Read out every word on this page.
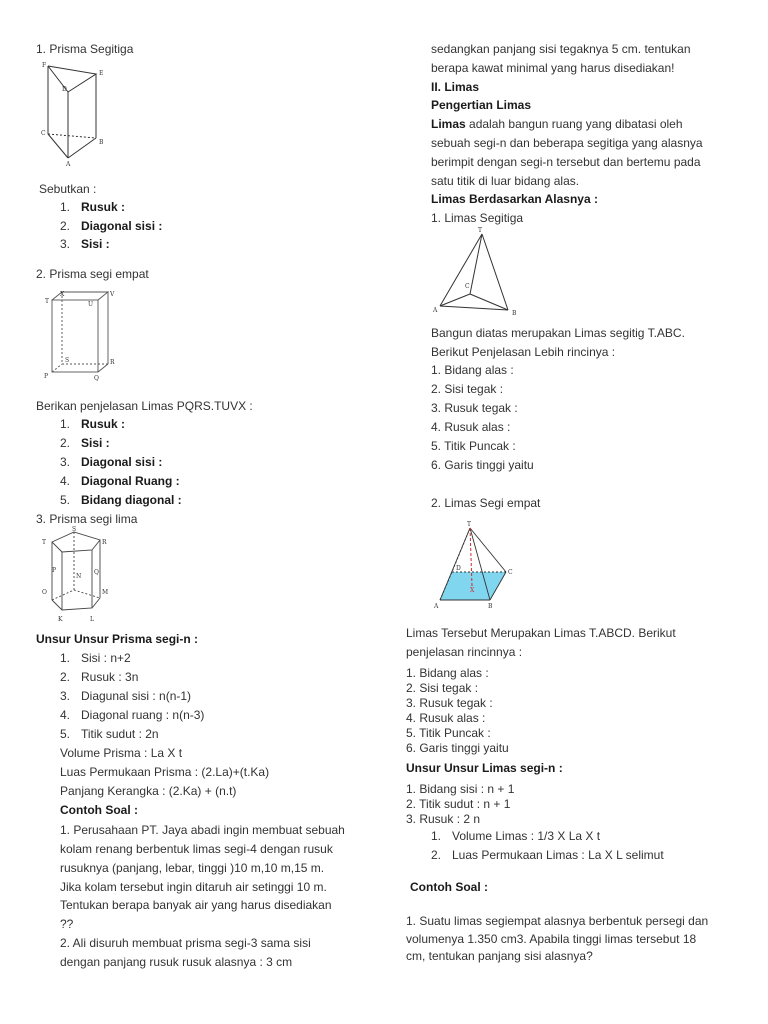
1. Prisma Segitiga
F
E
D
C
B
A
Sebutkan :
1. Rusuk :
2. Diagonal sisi :
3. Sisi :
2. Prisma segi empat
T
X
U
V
S	R
P	Q
Berikan penjelasan Limas PQRS.TUVX :
1. Rusuk :
2. Sisi :
3. Diagonal sisi :
4. Diagonal Ruang :
5. Bidang diagonal :
3. Prisma segi lima
S
T	R
P
N
Q
O	M
K	L
Unsur Unsur Prisma segi-n :
1. Sisi : n+2
2. Rusuk : 3n
3. Diagunal sisi : n(n-1)
4. Diagonal ruang : n(n-3)
5. Titik sudut : 2n
Volume Prisma : La X t
Luas Permukaan Prisma : (2.La)+(t.Ka)
Panjang Kerangka : (2.Ka) + (n.t)
Contoh Soal :
1. Perusahaan PT. Jaya abadi ingin membuat sebuah
kolam renang berbentuk limas segi-4 dengan rusuk
rusuknya (panjang, lebar, tinggi )10 m,10 m,15 m.
Jika kolam tersebut ingin ditaruh air setinggi 10 m.
Tentukan berapa banyak air yang harus disediakan
??
2. Ali disuruh membuat prisma segi-3 sama sisi
dengan panjang rusuk rusuk alasnya : 3 cm
sedangkan panjang sisi tegaknya 5 cm. tentukan
berapa kawat minimal yang harus disediakan!
II. Limas
Pengertian Limas
Limas adalah bangun ruang yang dibatasi oleh
sebuah segi-n dan beberapa segitiga yang alasnya
berimpit dengan segi-n tersebut dan bertemu pada
satu titik di luar bidang alas.
Limas Berdasarkan Alasnya :
1. Limas Segitiga
T
C
A	B
Bangun diatas merupakan Limas segitig T.ABC.
Berikut Penjelasan Lebih rincinya :
1. Bidang alas :
2. Sisi tegak :
3. Rusuk tegak :
4. Rusuk alas :
5. Titik Puncak :
6. Garis tinggi yaitu
2. Limas Segi empat
T
D
C
X
A	B
Limas Tersebut Merupakan Limas T.ABCD. Berikut
penjelasan rincinnya :
1. Bidang alas :
2. Sisi tegak :
3. Rusuk tegak :
4. Rusuk alas :
5. Titik Puncak :
6. Garis tinggi yaitu
Unsur Unsur Limas segi-n :
1. Bidang sisi : n + 1
2. Titik sudut : n + 1
3. Rusuk : 2 n
1. Volume Limas : 1/3 X La X t
2. Luas Permukaan Limas : La X L selimut
Contoh Soal :
1. Suatu limas segiempat alasnya berbentuk persegi dan
volumenya 1.350 cm3. Apabila tinggi limas tersebut 18
cm, tentukan panjang sisi alasnya?
